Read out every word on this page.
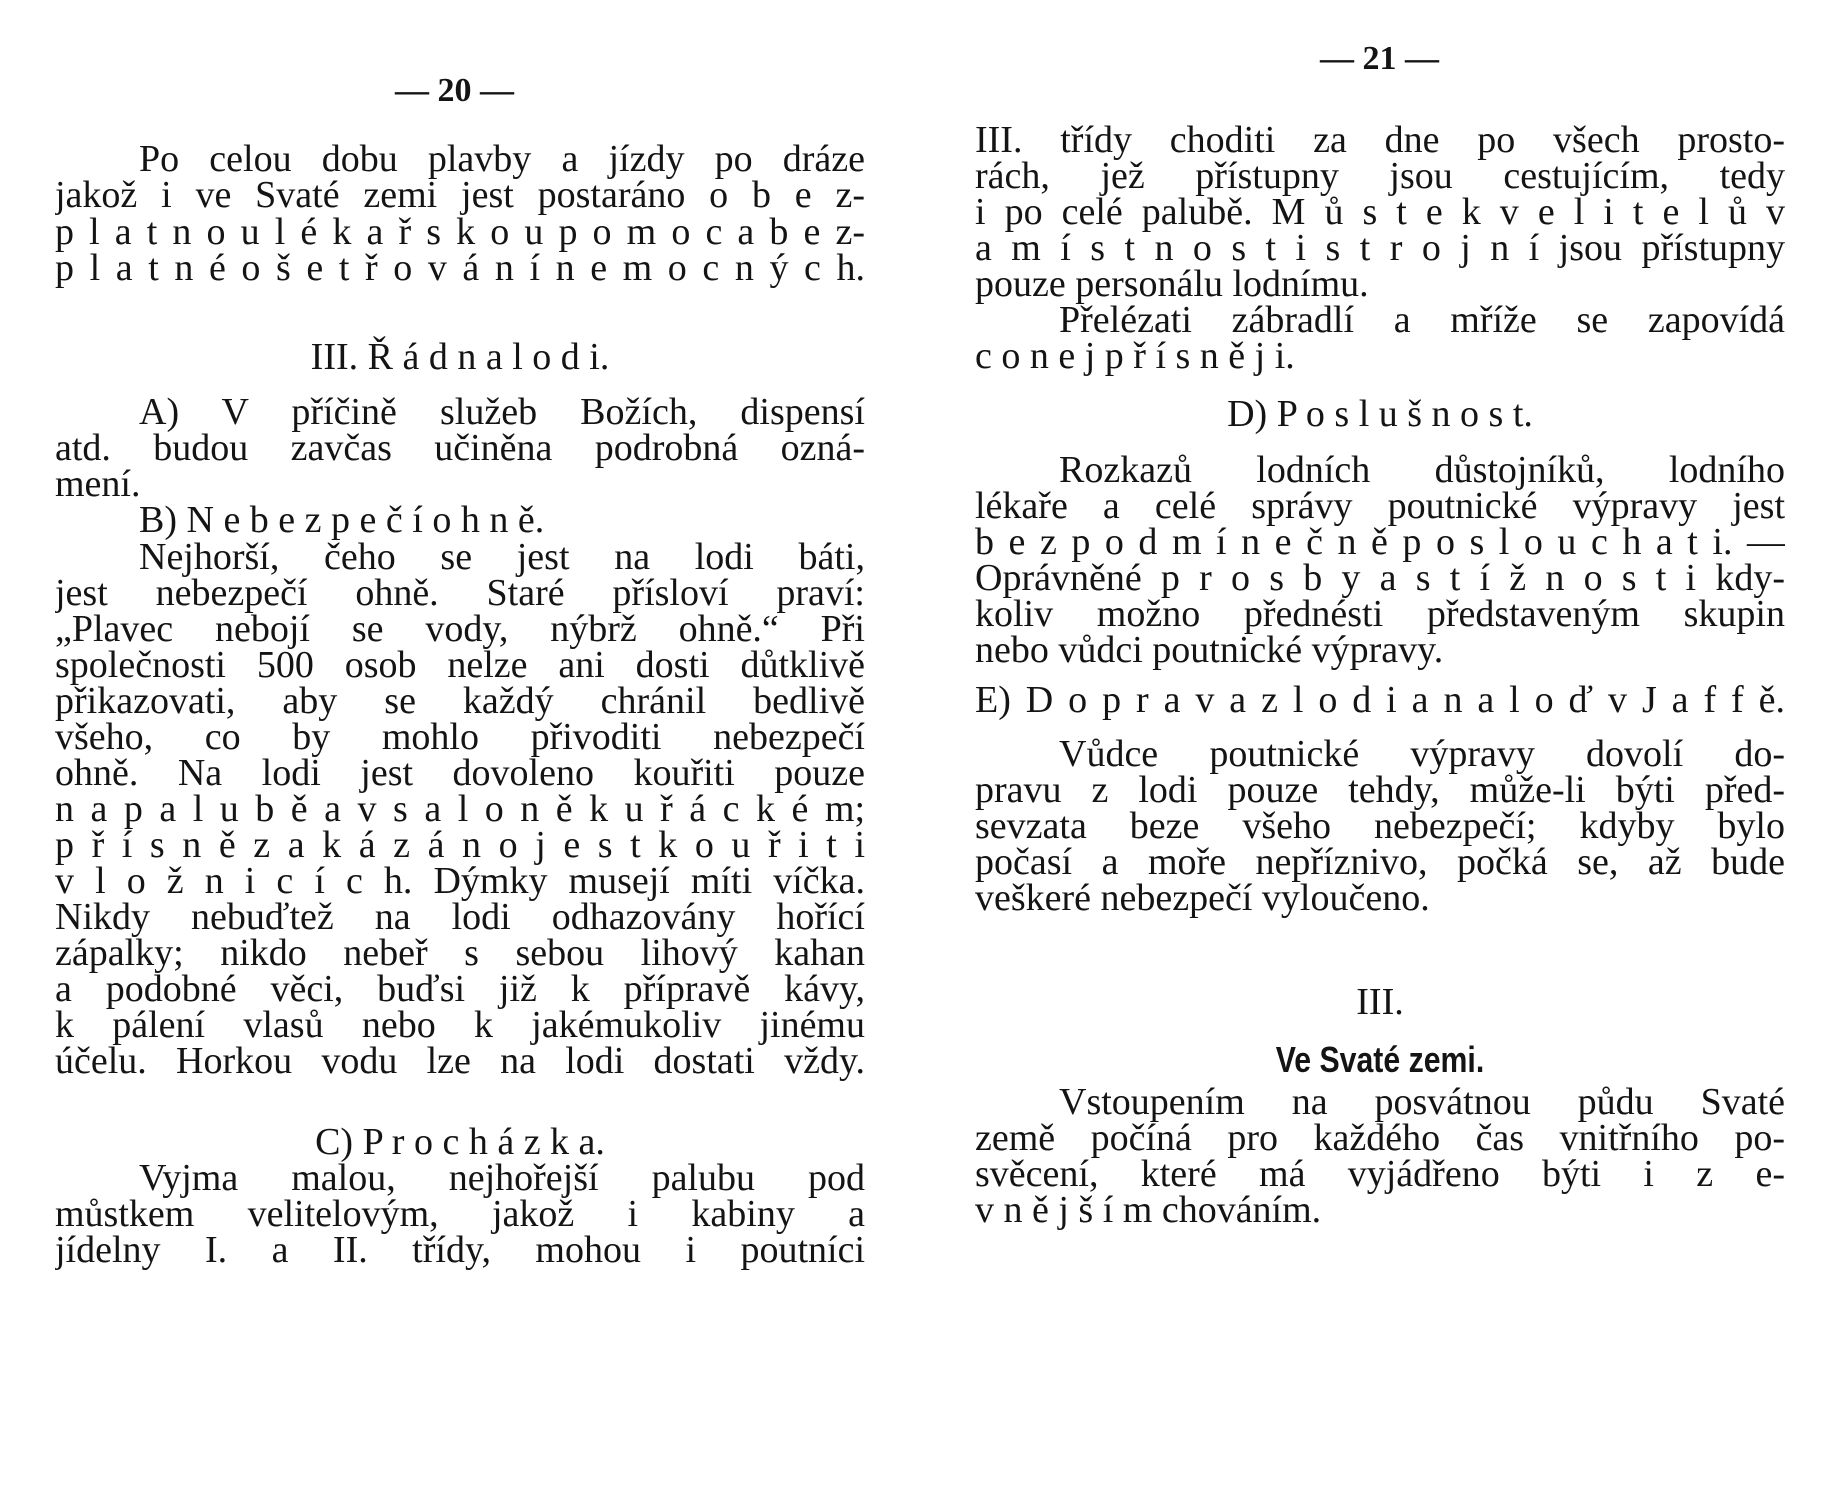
— 20 —
Po celou dobu plavby a jízdy po dráze
jakož i ve Svaté zemi jest postaráno o b e z-
p l a t n o u l é k a ř s k o u p o m o c a b e z-
p l a t n é o š e t ř o v á n í n e m o c n ý c h.
III. Ř á d n a l o d i.
A) V příčině služeb Božích, dispensí
atd. budou zavčas učiněna podrobná ozná-
mení.
B) N e b e z p e č í o h n ě.
Nejhorší, čeho se jest na lodi báti,
jest nebezpečí ohně. Staré přísloví praví:
„Plavec nebojí se vody, nýbrž ohně.“ Při
společnosti 500 osob nelze ani dosti důtklivě
přikazovati, aby se každý chránil bedlivě
všeho, co by mohlo přivoditi nebezpečí
ohně. Na lodi jest dovoleno kouřiti pouze
n a p a l u b ě a v s a l o n ě k u ř á c k é m;
p ř í s n ě z a k á z á n o j e s t k o u ř i t i
v l o ž n i c í c h. Dýmky musejí míti víčka.
Nikdy nebuďtež na lodi odhazovány hořící
zápalky; nikdo nebeř s sebou lihový kahan
a podobné věci, buďsi již k přípravě kávy,
k pálení vlasů nebo k jakémukoliv jinému
účelu. Horkou vodu lze na lodi dostati vždy.
C) P r o c h á z k a.
Vyjma malou, nejhořejší palubu pod
můstkem velitelovým, jakož i kabiny a
jídelny I. a II. třídy, mohou i poutníci
— 21 —
III. třídy choditi za dne po všech prosto-
rách, jež přístupny jsou cestujícím, tedy
i po celé palubě. M ů s t e k v e l i t e l ů v
a m í s t n o s t i s t r o j n í jsou přístupny
pouze personálu lodnímu.
Přelézati zábradlí a mříže se zapovídá
c o n e j p ř í s n ě j i.
D) P o s l u š n o s t.
Rozkazů lodních důstojníků, lodního
lékaře a celé správy poutnické výpravy jest
b e z p o d m í n e č n ě p o s l o u c h a t i. —
Oprávněné p r o s b y a s t í ž n o s t i kdy-
koliv možno přednésti představeným skupin
nebo vůdci poutnické výpravy.
E) D o p r a v a z l o d i a n a l o ď v J a f f ě.
Vůdce poutnické výpravy dovolí do-
pravu z lodi pouze tehdy, může-li býti před-
sevzata beze všeho nebezpečí; kdyby bylo
počasí a moře nepříznivo, počká se, až bude
veškeré nebezpečí vyloučeno.
III.
Ve Svaté zemi.
Vstoupením na posvátnou půdu Svaté
země počíná pro každého čas vnitřního po-
svěcení, které má vyjádřeno býti i z e-
v n ě j š í m chováním.
